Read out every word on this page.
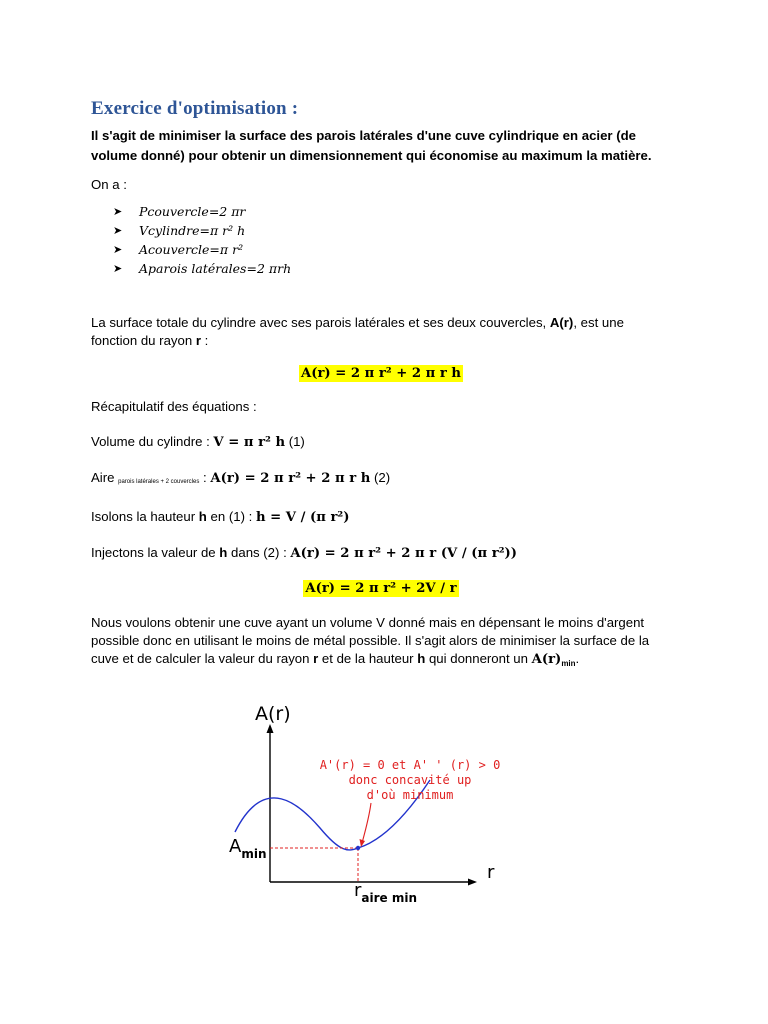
Exercice d'optimisation :

Il s'agit de minimiser la surface des parois latérales d'une cuve cylindrique en acier (de volume donné) pour obtenir un dimensionnement qui économise au maximum la matière.

On a :

➤	Pcouvercle=2 πr
➤	Vcylindre=π r² h
➤	Acouvercle=π r²
➤	Aparois latérales=2 πrh

La surface totale du cylindre avec ses parois latérales et ses deux couvercles, A(r), est une fonction du rayon r :

A(r) = 2 π r² + 2 π r h

Récapitulatif des équations :

Volume du cylindre : V = π r² h (1)

Aire $_{parois latérales + 2 couvercles}$ : A(r) = 2 π r² + 2 π r h (2)

Isolons la hauteur h en (1) : h = V / (π r²)

Injectons la valeur de h dans (2) : A(r) = 2 π r² + 2 π r (V / (π r²))

A(r) = 2 π r² + 2V / r

Nous voulons obtenir une cuve ayant un volume V donné mais en dépensant le moins d'argent possible donc en utilisant le moins de métal possible. Il s'agit alors de minimiser la surface de la cuve et de calculer la valeur du rayon r et de la hauteur h qui donneront un $A(r)_{min}$.

A(r)
r
A'(r) = 0 et A' ' (r) > 0
donc concavité up
d'où minimum
$A_{min}$
$r_{aire min}$
